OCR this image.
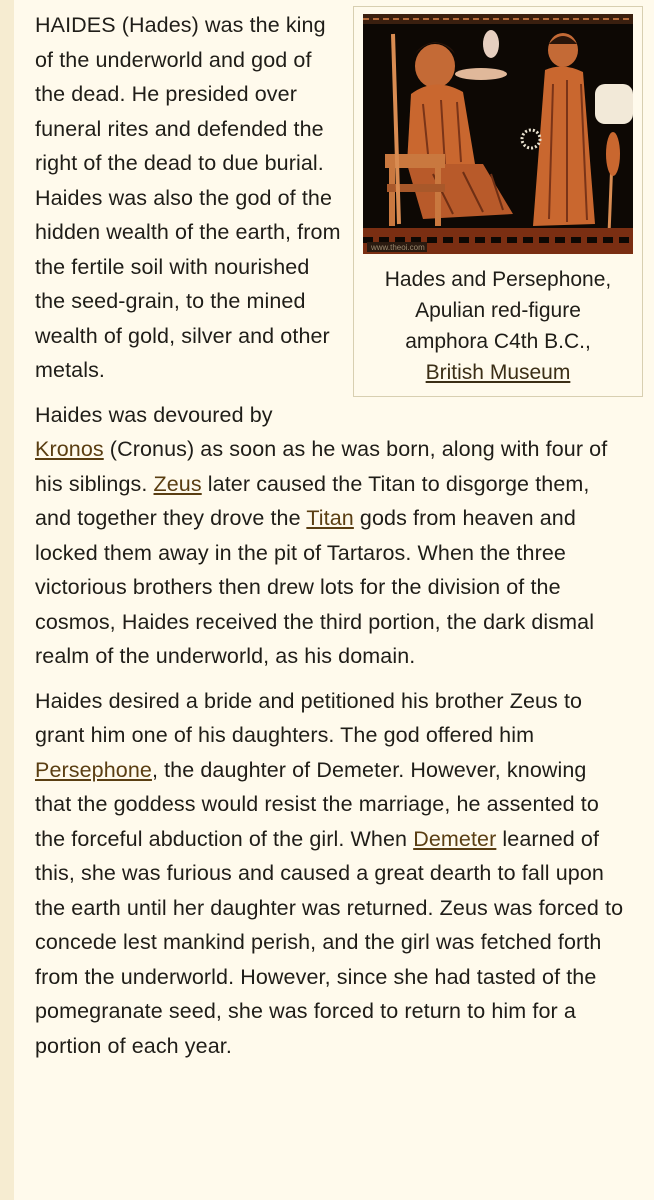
www.theoi.com
Hades and Persephone,
Apulian red-figure
amphora C4th B.C.,
British Museum

HAIDES (Hades) was the king of the underworld and god of the dead. He presided over funeral rites and defended the right of the dead to due burial. Haides was also the god of the hidden wealth of the earth, from the fertile soil with nourished the seed-grain, to the mined wealth of gold, silver and other metals.

Haides was devoured by Kronos (Cronus) as soon as he was born, along with four of his siblings. Zeus later caused the Titan to disgorge them, and together they drove the Titan gods from heaven and locked them away in the pit of Tartaros. When the three victorious brothers then drew lots for the division of the cosmos, Haides received the third portion, the dark dismal realm of the underworld, as his domain.

Haides desired a bride and petitioned his brother Zeus to grant him one of his daughters. The god offered him Persephone, the daughter of Demeter. However, knowing that the goddess would resist the marriage, he assented to the forceful abduction of the girl. When Demeter learned of this, she was furious and caused a great dearth to fall upon the earth until her daughter was returned. Zeus was forced to concede lest mankind perish, and the girl was fetched forth from the underworld. However, since she had tasted of the pomegranate seed, she was forced to return to him for a portion of each year.
